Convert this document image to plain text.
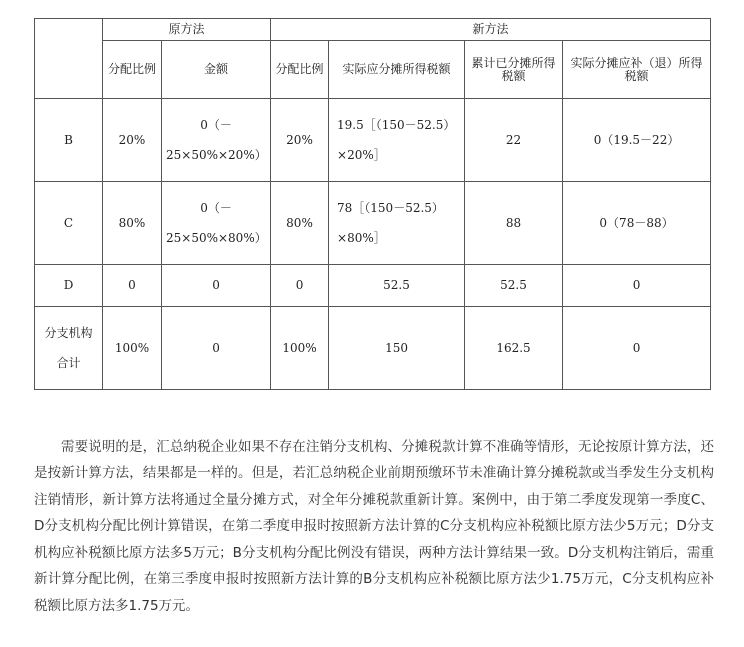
	原方法		新方法			
	分配比例	金额	分配比例	实际应分摊所得税额	累计已分摊所得税额	实际分摊应补（退）所得税额
B	20%	0（－25×50%×20%）	20%	19.5［（150－52.5）×20%］	22	0（19.5－22）
C	80%	0（－25×50%×80%）	80%	78［（150－52.5）×80%］	88	0（78－88）
D	0	0	0	52.5	52.5	0
分支机构合计	100%	0	100%	150	162.5	0

需要说明的是，汇总纳税企业如果不存在注销分支机构、分摊税款计算不准确等情形，无论按原计算方法，还是按新计算方法，结果都是一样的。但是，若汇总纳税企业前期预缴环节未准确计算分摊税款或当季发生分支机构注销情形，新计算方法将通过全量分摊方式，对全年分摊税款重新计算。案例中，由于第二季度发现第一季度C、D分支机构分配比例计算错误，在第二季度申报时按照新方法计算的C分支机构应补税额比原方法少5万元；D分支机构应补税额比原方法多5万元；B分支机构分配比例没有错误，两种方法计算结果一致。D分支机构注销后，需重新计算分配比例，在第三季度申报时按照新方法计算的B分支机构应补税额比原方法少1.75万元，C分支机构应补税额比原方法多1.75万元。
